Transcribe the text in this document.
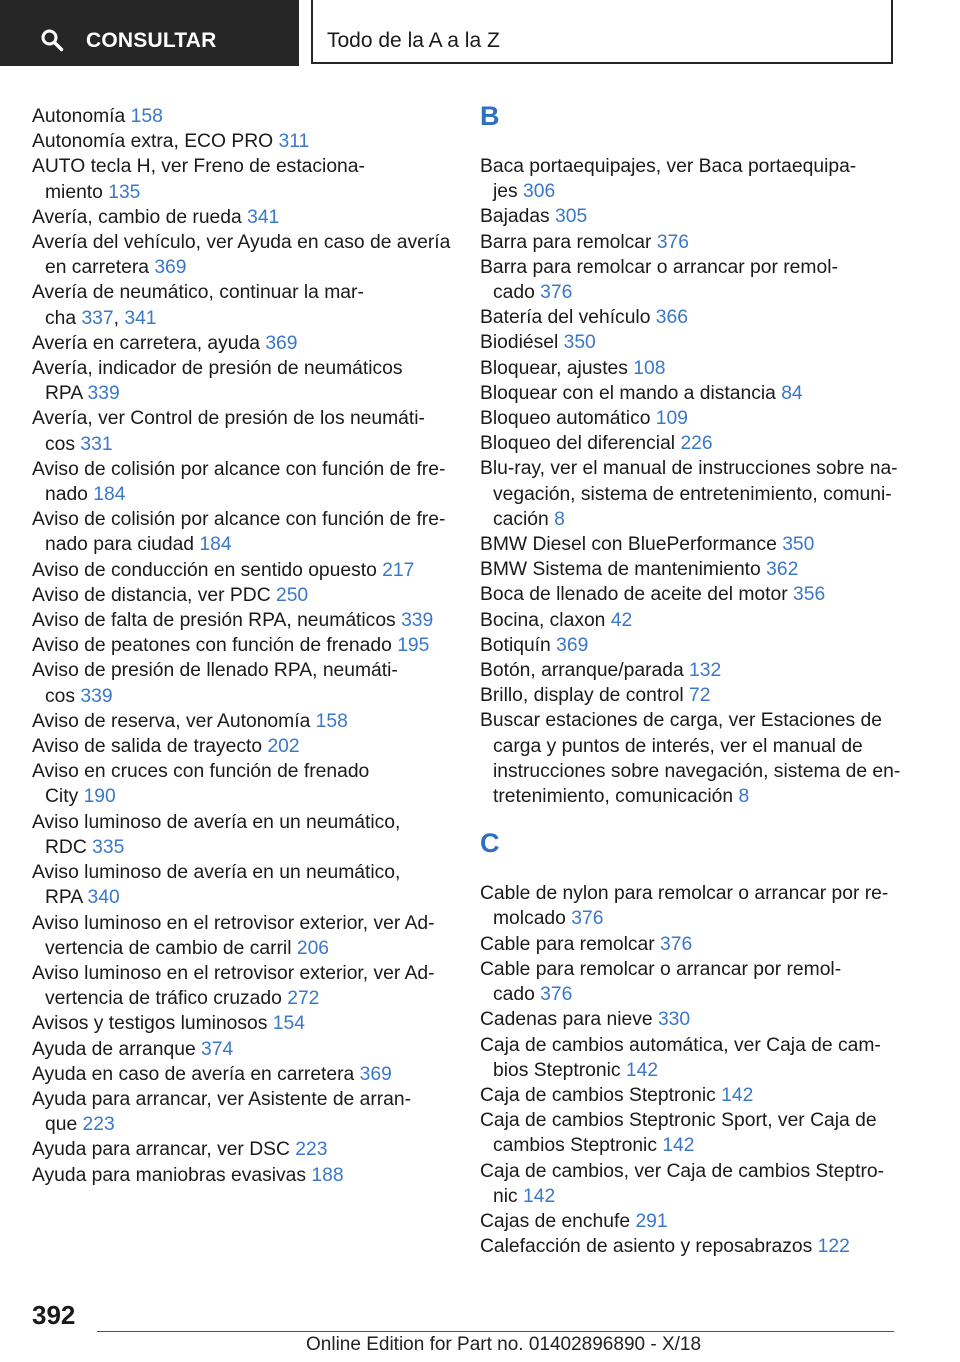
CONSULTAR	Todo de la A a la Z
Autonomía 158
Autonomía extra, ECO PRO 311
AUTO tecla H, ver Freno de estaciona-
miento 135
Avería, cambio de rueda 341
Avería del vehículo, ver Ayuda en caso de avería
en carretera 369
Avería de neumático, continuar la mar-
cha 337, 341
Avería en carretera, ayuda 369
Avería, indicador de presión de neumáticos
RPA 339
Avería, ver Control de presión de los neumáti-
cos 331
Aviso de colisión por alcance con función de fre-
nado 184
Aviso de colisión por alcance con función de fre-
nado para ciudad 184
Aviso de conducción en sentido opuesto 217
Aviso de distancia, ver PDC 250
Aviso de falta de presión RPA, neumáticos 339
Aviso de peatones con función de frenado 195
Aviso de presión de llenado RPA, neumáti-
cos 339
Aviso de reserva, ver Autonomía 158
Aviso de salida de trayecto 202
Aviso en cruces con función de frenado
City 190
Aviso luminoso de avería en un neumático,
RDC 335
Aviso luminoso de avería en un neumático,
RPA 340
Aviso luminoso en el retrovisor exterior, ver Ad-
vertencia de cambio de carril 206
Aviso luminoso en el retrovisor exterior, ver Ad-
vertencia de tráfico cruzado 272
Avisos y testigos luminosos 154
Ayuda de arranque 374
Ayuda en caso de avería en carretera 369
Ayuda para arrancar, ver Asistente de arran-
que 223
Ayuda para arrancar, ver DSC 223
Ayuda para maniobras evasivas 188
B
Baca portaequipajes, ver Baca portaequipa-
jes 306
Bajadas 305
Barra para remolcar 376
Barra para remolcar o arrancar por remol-
cado 376
Batería del vehículo 366
Biodiésel 350
Bloquear, ajustes 108
Bloquear con el mando a distancia 84
Bloqueo automático 109
Bloqueo del diferencial 226
Blu-ray, ver el manual de instrucciones sobre na-
vegación, sistema de entretenimiento, comuni-
cación 8
BMW Diesel con BluePerformance 350
BMW Sistema de mantenimiento 362
Boca de llenado de aceite del motor 356
Bocina, claxon 42
Botiquín 369
Botón, arranque/parada 132
Brillo, display de control 72
Buscar estaciones de carga, ver Estaciones de
carga y puntos de interés, ver el manual de
instrucciones sobre navegación, sistema de en-
tretenimiento, comunicación 8
C
Cable de nylon para remolcar o arrancar por re-
molcado 376
Cable para remolcar 376
Cable para remolcar o arrancar por remol-
cado 376
Cadenas para nieve 330
Caja de cambios automática, ver Caja de cam-
bios Steptronic 142
Caja de cambios Steptronic 142
Caja de cambios Steptronic Sport, ver Caja de
cambios Steptronic 142
Caja de cambios, ver Caja de cambios Steptro-
nic 142
Cajas de enchufe 291
Calefacción de asiento y reposabrazos 122
392
Online Edition for Part no. 01402896890 - X/18
